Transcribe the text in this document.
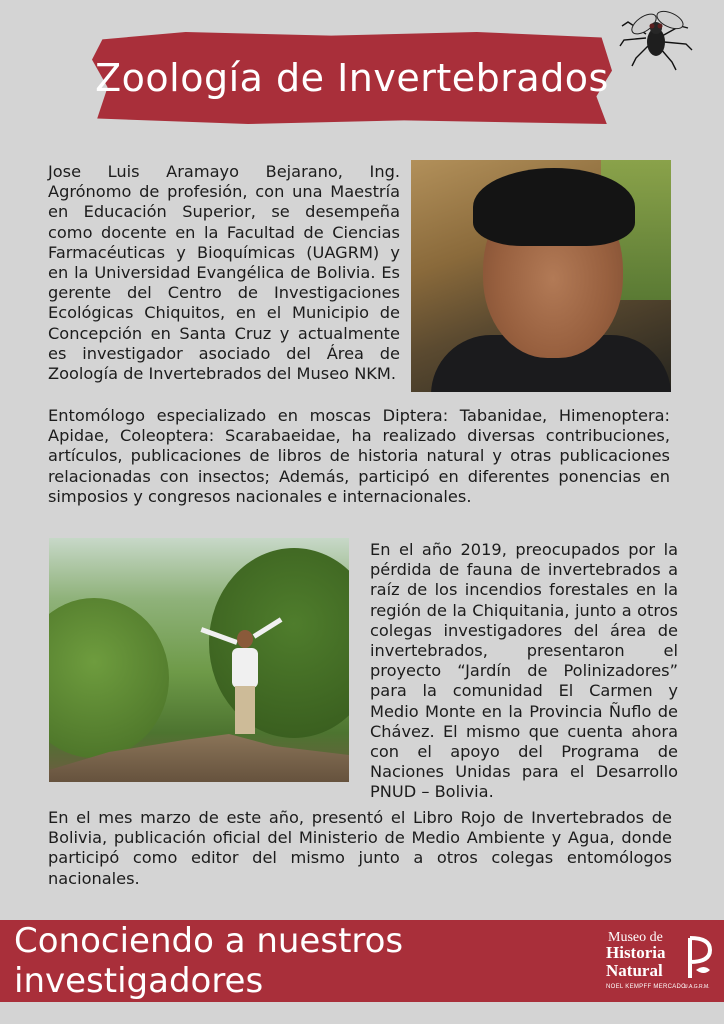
Zoología de Invertebrados

Jose Luis Aramayo Bejarano, Ing. Agrónomo de profesión, con una Maestría en Educación Superior, se desempeña como docente en la Facultad de Ciencias Farmacéuticas y Bioquímicas (UAGRM) y en la Universidad Evangélica de Bolivia. Es gerente del Centro de Investigaciones Ecológicas Chiquitos, en el Municipio de Concepción en Santa Cruz y actualmente es investigador asociado del Área de Zoología de Invertebrados del Museo NKM.

Entomólogo especializado en moscas Diptera: Tabanidae, Himenoptera: Apidae, Coleoptera: Scarabaeidae, ha realizado diversas contribuciones, artículos, publicaciones de libros de historia natural y otras publicaciones relacionadas con insectos; Además, participó en diferentes ponencias en simposios y congresos nacionales e internacionales.

En el año 2019, preocupados por la pérdida de fauna de invertebrados a raíz de los incendios forestales en la región de la Chiquitania, junto a otros colegas investigadores del área de invertebrados, presentaron el proyecto “Jardín de Polinizadores” para la comunidad El Carmen y Medio Monte en la Provincia Ñuflo de Chávez. El mismo que cuenta ahora con el apoyo del Programa de Naciones Unidas para el Desarrollo PNUD – Bolivia.

En el mes marzo de este año, presentó el Libro Rojo de Invertebrados de Bolivia, publicación oficial del Ministerio de Medio Ambiente y Agua, donde participó como editor del mismo junto a otros colegas entomólogos nacionales.

Conociendo a nuestros investigadores
Museo de
Historia
Natural
NOEL KEMPFF MERCADO
U.A.G.R.M.
